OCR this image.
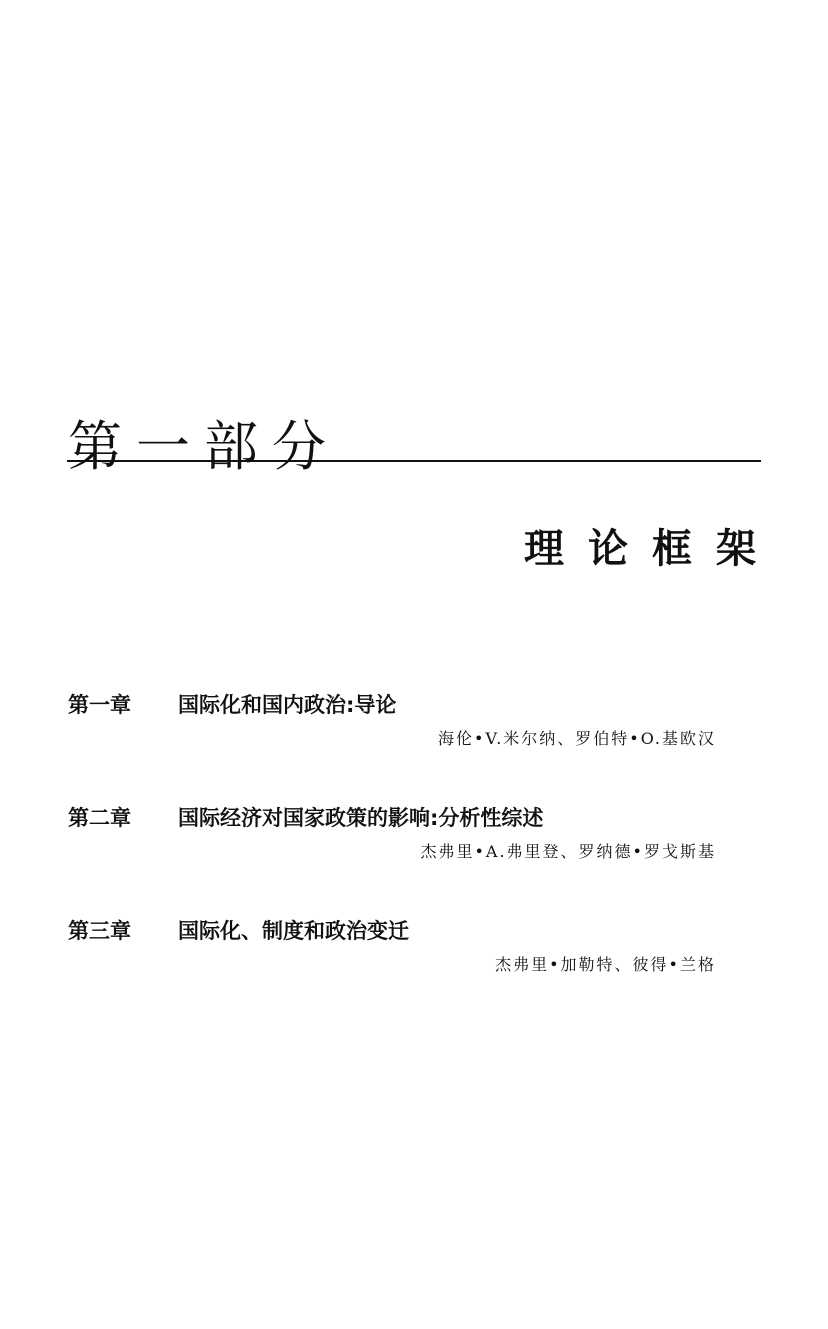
第一部分
理论框架
第一章	国际化和国内政治:导论
海伦•V.米尔纳、罗伯特•O.基欧汉
第二章	国际经济对国家政策的影响:分析性综述
杰弗里•A.弗里登、罗纳德•罗戈斯基
第三章	国际化、制度和政治变迁
杰弗里•加勒特、彼得•兰格
